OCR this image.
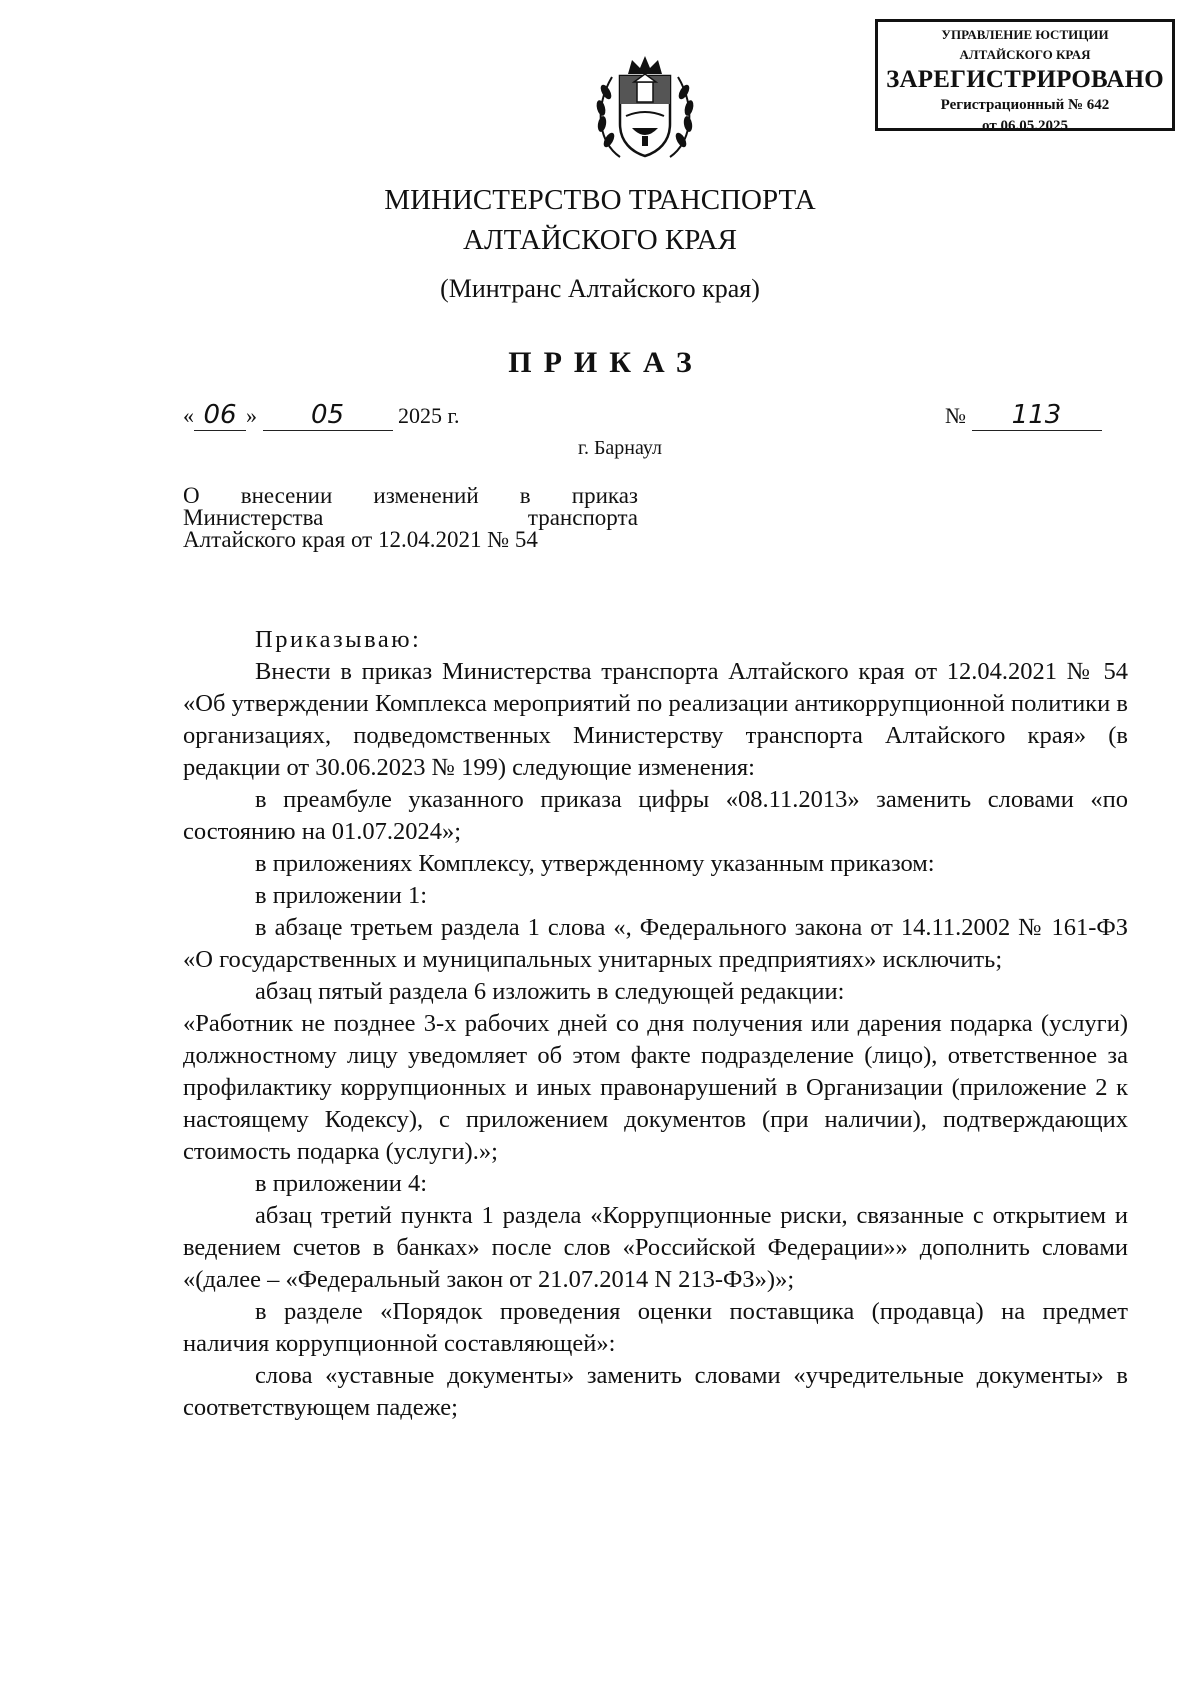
УПРАВЛЕНИЕ ЮСТИЦИИ
АЛТАЙСКОГО КРАЯ
ЗАРЕГИСТРИРОВАНО
Регистрационный № 642
от 06.05.2025
МИНИСТЕРСТВО ТРАНСПОРТА
АЛТАЙСКОГО КРАЯ
(Минтранс Алтайского края)
ПРИКАЗ
« 06 » 05 2025 г.	№ 113
г. Барнаул

О внесении изменений в приказ

Министерства транспорта

Алтайского края от 12.04.2021 № 54

Приказываю:

Внести в приказ Министерства транспорта Алтайского края от 12.04.2021 № 54 «Об утверждении Комплекса мероприятий по реализации антикоррупционной политики в организациях, подведомственных Министерству транспорта Алтайского края» (в редакции от 30.06.2023 № 199) следующие изменения:

в преамбуле указанного приказа цифры «08.11.2013» заменить словами «по состоянию на 01.07.2024»;

в приложениях Комплексу, утвержденному указанным приказом:

в приложении 1:

в абзаце третьем раздела 1 слова «, Федерального закона от 14.11.2002 № 161-ФЗ «О государственных и муниципальных унитарных предприятиях» исключить;

абзац пятый раздела 6 изложить в следующей редакции:

«Работник не позднее 3-х рабочих дней со дня получения или дарения подарка (услуги) должностному лицу уведомляет об этом факте подразделение (лицо), ответственное за профилактику коррупционных и иных правонарушений в Организации (приложение 2 к настоящему Кодексу), с приложением документов (при наличии), подтверждающих стоимость подарка (услуги).»;

в приложении 4:

абзац третий пункта 1 раздела «Коррупционные риски, связанные с открытием и ведением счетов в банках» после слов «Российской Федерации»» дополнить словами «(далее – «Федеральный закон от 21.07.2014 N 213-ФЗ»)»;

в разделе «Порядок проведения оценки поставщика (продавца) на предмет наличия коррупционной составляющей»:

слова «уставные документы» заменить словами «учредительные документы» в соответствующем падеже;
